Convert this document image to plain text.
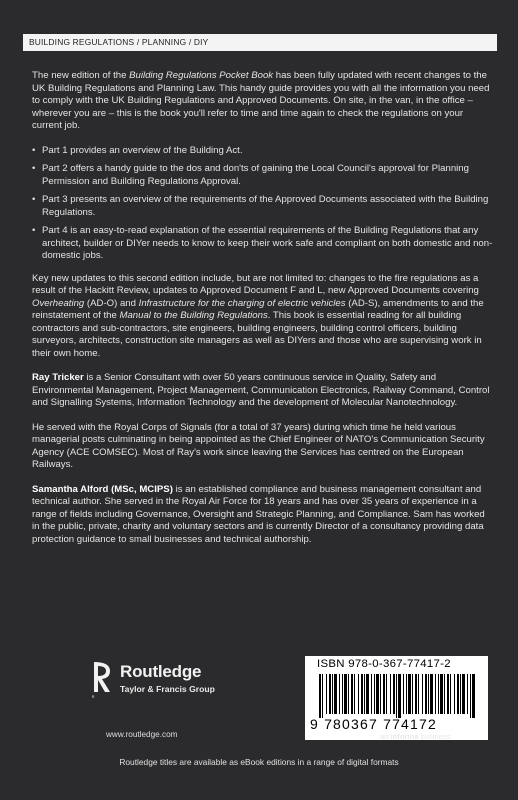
BUILDING REGULATIONS / PLANNING / DIY

The new edition of the Building Regulations Pocket Book has been fully updated with recent changes to the UK Building Regulations and Planning Law. This handy guide provides you with all the information you need to comply with the UK Building Regulations and Approved Documents. On site, in the van, in the office – wherever you are – this is the book you'll refer to time and time again to check the regulations on your current job.

• Part 1 provides an overview of the Building Act.
• Part 2 offers a handy guide to the dos and don'ts of gaining the Local Council's approval for Planning Permission and Building Regulations Approval.
• Part 3 presents an overview of the requirements of the Approved Documents associated with the Building Regulations.
• Part 4 is an easy-to-read explanation of the essential requirements of the Building Regulations that any architect, builder or DIYer needs to know to keep their work safe and compliant on both domestic and non-domestic jobs.

Key new updates to this second edition include, but are not limited to: changes to the fire regulations as a result of the Hackitt Review, updates to Approved Document F and L, new Approved Documents covering Overheating (AD-O) and Infrastructure for the charging of electric vehicles (AD-S), amendments to and the reinstatement of the Manual to the Building Regulations. This book is essential reading for all building contractors and sub-contractors, site engineers, building engineers, building control officers, building surveyors, architects, construction site managers as well as DIYers and those who are supervising work in their own home.

Ray Tricker is a Senior Consultant with over 50 years continuous service in Quality, Safety and Environmental Management, Project Management, Communication Electronics, Railway Command, Control and Signalling Systems, Information Technology and the development of Molecular Nanotechnology.

He served with the Royal Corps of Signals (for a total of 37 years) during which time he held various managerial posts culminating in being appointed as the Chief Engineer of NATO's Communication Security Agency (ACE COMSEC). Most of Ray's work since leaving the Services has centred on the European Railways.

Samantha Alford (MSc, MCIPS) is an established compliance and business management consultant and technical author. She served in the Royal Air Force for 18 years and has over 35 years of experience in a range of fields including Governance, Oversight and Strategic Planning, and Compliance. Sam has worked in the public, private, charity and voluntary sectors and is currently Director of a consultancy providing data protection guidance to small businesses and technical authorship.

R
Routledge
Taylor & Francis Group
www.routledge.com
ISBN 978-0-367-77417-2
9 780367 774172
an informa business
Routledge titles are available as eBook editions in a range of digital formats
